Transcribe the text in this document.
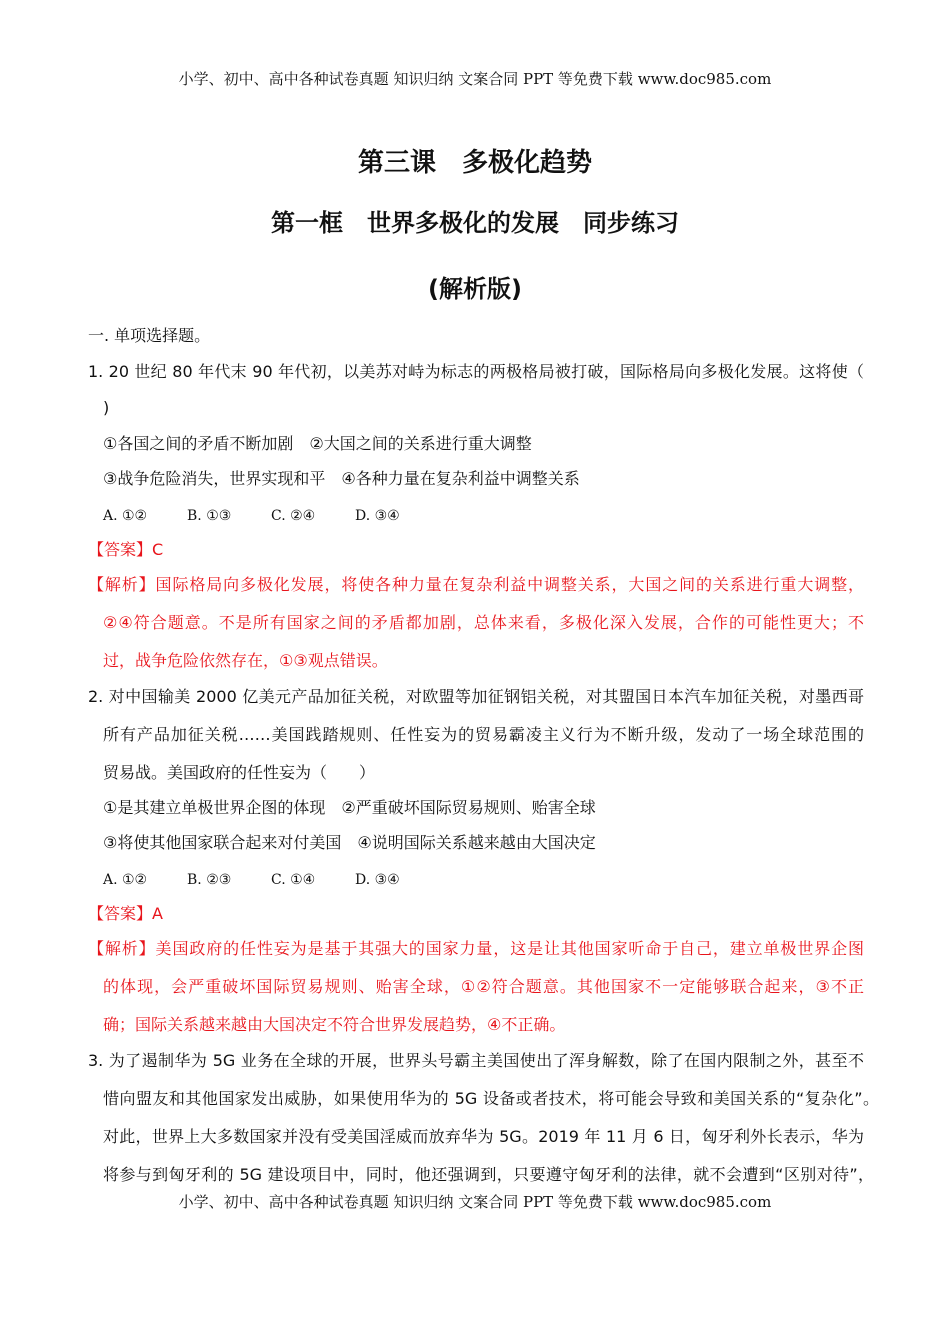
小学、初中、高中各种试卷真题 知识归纳 文案合同 PPT 等免费下载 www.doc985.com
第三课　多极化趋势
第一框　世界多极化的发展　同步练习
(解析版)
一. 单项选择题。
1. 20 世纪 80 年代末 90 年代初，以美苏对峙为标志的两极格局被打破，国际格局向多极化发展。这将使（
)
①各国之间的矛盾不断加剧　②大国之间的关系进行重大调整
③战争危险消失，世界实现和平　④各种力量在复杂利益中调整关系
A. ①②	B. ①③	C. ②④	D. ③④
【答案】C
【解析】国际格局向多极化发展，将使各种力量在复杂利益中调整关系，大国之间的关系进行重大调整，
②④符合题意。不是所有国家之间的矛盾都加剧，总体来看，多极化深入发展，合作的可能性更大；不
过，战争危险依然存在，①③观点错误。
2. 对中国输美 2000 亿美元产品加征关税，对欧盟等加征钢铝关税，对其盟国日本汽车加征关税，对墨西哥
所有产品加征关税……美国践踏规则、任性妄为的贸易霸凌主义行为不断升级，发动了一场全球范围的
贸易战。美国政府的任性妄为（　　）
①是其建立单极世界企图的体现　②严重破坏国际贸易规则、贻害全球
③将使其他国家联合起来对付美国　④说明国际关系越来越由大国决定
A. ①②	B. ②③	C. ①④	D. ③④
【答案】A
【解析】美国政府的任性妄为是基于其强大的国家力量，这是让其他国家听命于自己，建立单极世界企图
的体现，会严重破坏国际贸易规则、贻害全球，①②符合题意。其他国家不一定能够联合起来，③不正
确；国际关系越来越由大国决定不符合世界发展趋势，④不正确。
3. 为了遏制华为 5G 业务在全球的开展，世界头号霸主美国使出了浑身解数，除了在国内限制之外，甚至不
惜向盟友和其他国家发出威胁，如果使用华为的 5G 设备或者技术，将可能会导致和美国关系的“复杂化”。
对此，世界上大多数国家并没有受美国淫威而放弃华为 5G。2019 年 11 月 6 日，匈牙利外长表示，华为
将参与到匈牙利的 5G 建设项目中，同时，他还强调到，只要遵守匈牙利的法律，就不会遭到“区别对待”，
小学、初中、高中各种试卷真题 知识归纳 文案合同 PPT 等免费下载 www.doc985.com
